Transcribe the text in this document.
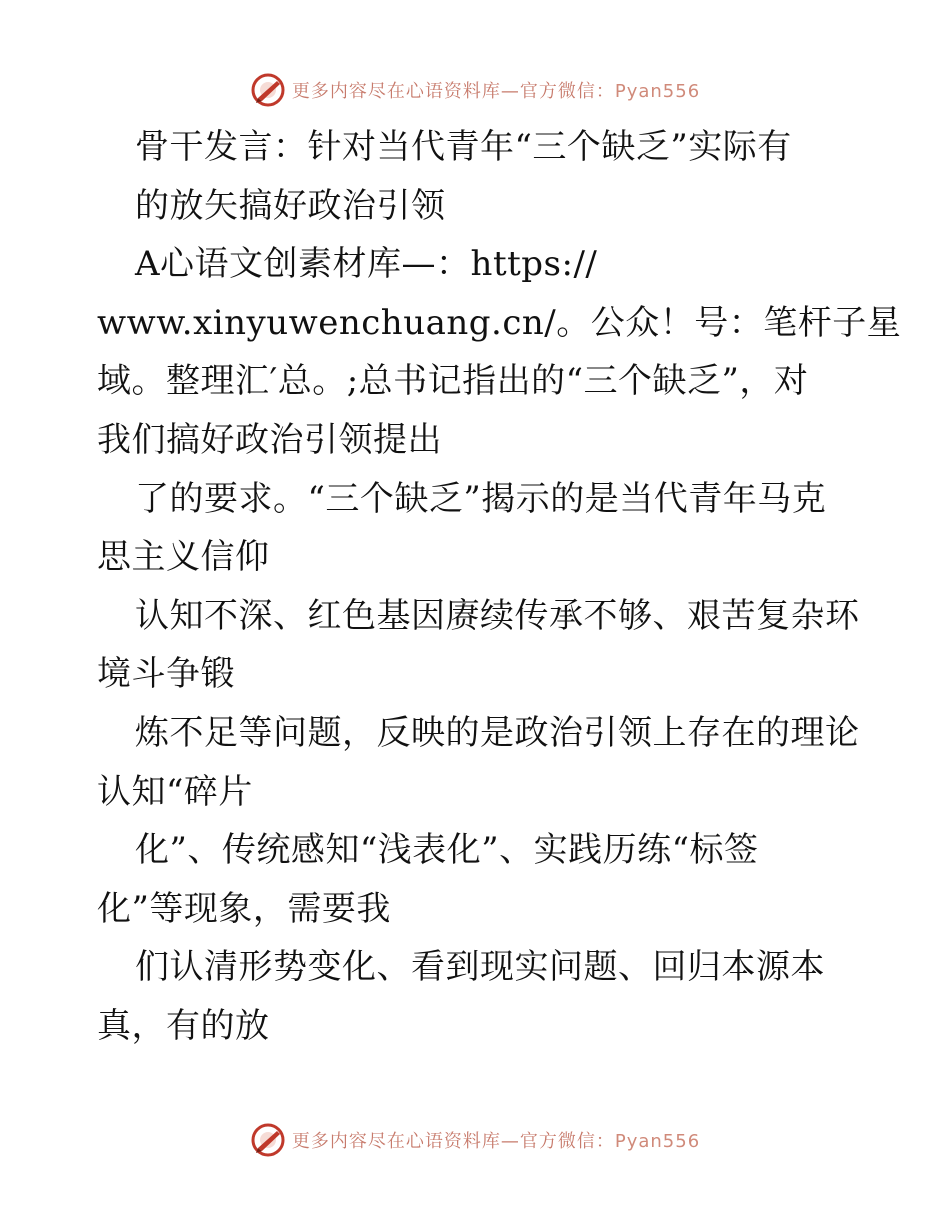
更多内容尽在心语资料库—官方微信：Pyan556
骨干发言：针对当代青年“三个缺乏”实际有
的放矢搞好政治引领
A心语文创素材库—：https://
www.xinyuwenchuang.cn/。公众！号：笔杆子星
域。整理汇′总。;总书记指出的“三个缺乏”，对
我们搞好政治引领提出
了的要求。“三个缺乏”揭示的是当代青年马克
思主义信仰
认知不深、红色基因赓续传承不够、艰苦复杂环
境斗争锻
炼不足等问题，反映的是政治引领上存在的理论
认知“碎片
化”、传统感知“浅表化”、实践历练“标签
化”等现象，需要我
们认清形势变化、看到现实问题、回归本源本
真，有的放
更多内容尽在心语资料库—官方微信：Pyan556
